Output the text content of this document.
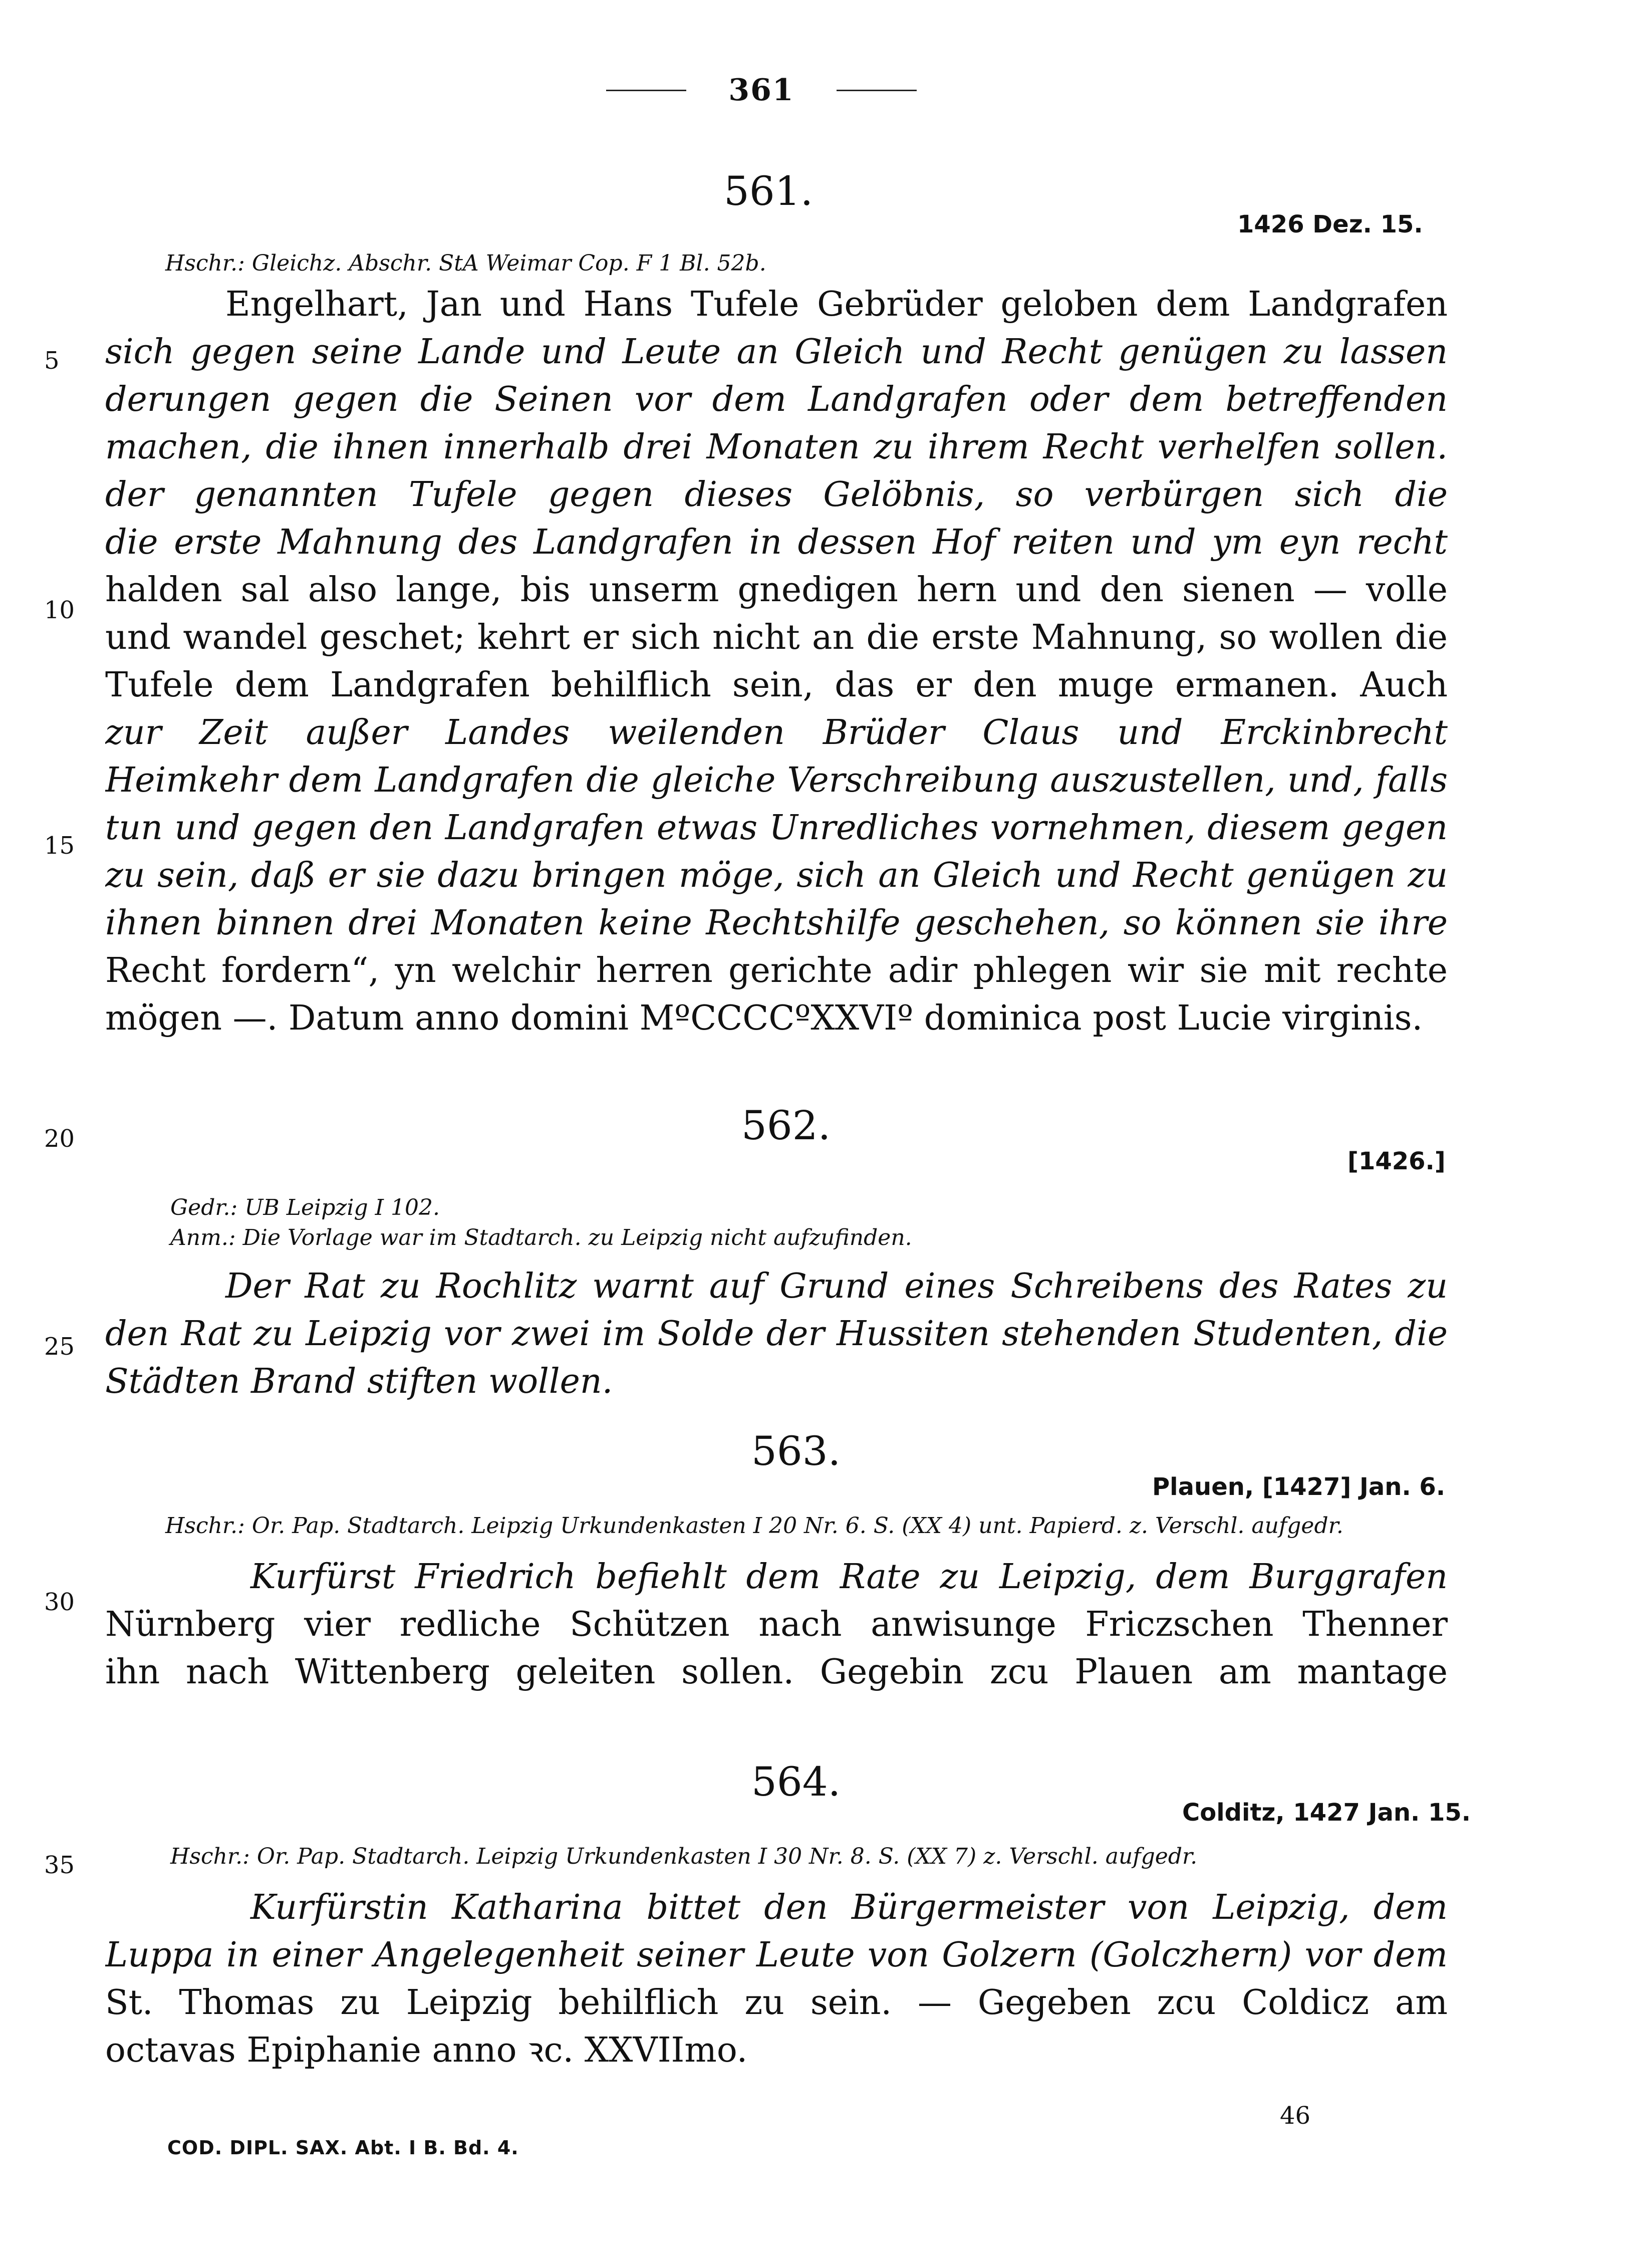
361
5
10
15
20
25
30
35
561.
1426 Dez. 15.
Hschr.: Gleichz. Abschr. StA Weimar Cop. F 1 Bl. 52b.
Engelhart, Jan und Hans Tufele Gebrüder geloben dem Landgrafen
sich gegen seine Lande und Leute an Gleich und Recht genügen zu lassen
derungen gegen die Seinen vor dem Landgrafen oder dem betreffenden
machen, die ihnen innerhalb drei Monaten zu ihrem Recht verhelfen sollen.
der genannten Tufele gegen dieses Gelöbnis, so verbürgen sich die
die erste Mahnung des Landgrafen in dessen Hof reiten und ym eyn recht
halden sal also lange, bis unserm gnedigen hern und den sienen — volle
und wandel geschet; kehrt er sich nicht an die erste Mahnung, so wollen die
Tufele dem Landgrafen behilflich sein, das er den muge ermanen. Auch
zur Zeit außer Landes weilenden Brüder Claus und Erckinbrecht
Heimkehr dem Landgrafen die gleiche Verschreibung auszustellen, und, falls
tun und gegen den Landgrafen etwas Unredliches vornehmen, diesem gegen
zu sein, daß er sie dazu bringen möge, sich an Gleich und Recht genügen zu
ihnen binnen drei Monaten keine Rechtshilfe geschehen, so können sie ihre
Recht fordern“, yn welchir herren gerichte adir phlegen wir sie mit rechte
mögen —. Datum anno domini MºCCCCºXXVIº dominica post Lucie virginis.
562.
[1426.]
Gedr.: UB Leipzig I 102.
Anm.: Die Vorlage war im Stadtarch. zu Leipzig nicht aufzufinden.
Der Rat zu Rochlitz warnt auf Grund eines Schreibens des Rates zu
den Rat zu Leipzig vor zwei im Solde der Hussiten stehenden Studenten, die
Städten Brand stiften wollen.
563.
Plauen, [1427] Jan. 6.
Hschr.: Or. Pap. Stadtarch. Leipzig Urkundenkasten I 20 Nr. 6. S. (XX 4) unt. Papierd. z. Verschl. aufgedr.
Kurfürst Friedrich befiehlt dem Rate zu Leipzig, dem Burggrafen
Nürnberg vier redliche Schützen nach anwisunge Friczschen Thenner
ihn nach Wittenberg geleiten sollen. Gegebin zcu Plauen am mantage
564.
Colditz, 1427 Jan. 15.
Hschr.: Or. Pap. Stadtarch. Leipzig Urkundenkasten I 30 Nr. 8. S. (XX 7) z. Verschl. aufgedr.
Kurfürstin Katharina bittet den Bürgermeister von Leipzig, dem
Luppa in einer Angelegenheit seiner Leute von Golzern (Golczhern) vor dem
St. Thomas zu Leipzig behilflich zu sein. — Gegeben zcu Coldicz am
octavas Epiphanie anno ꝛc. XXVIImo.
COD. DIPL. SAX. Abt. I B. Bd. 4.
46
